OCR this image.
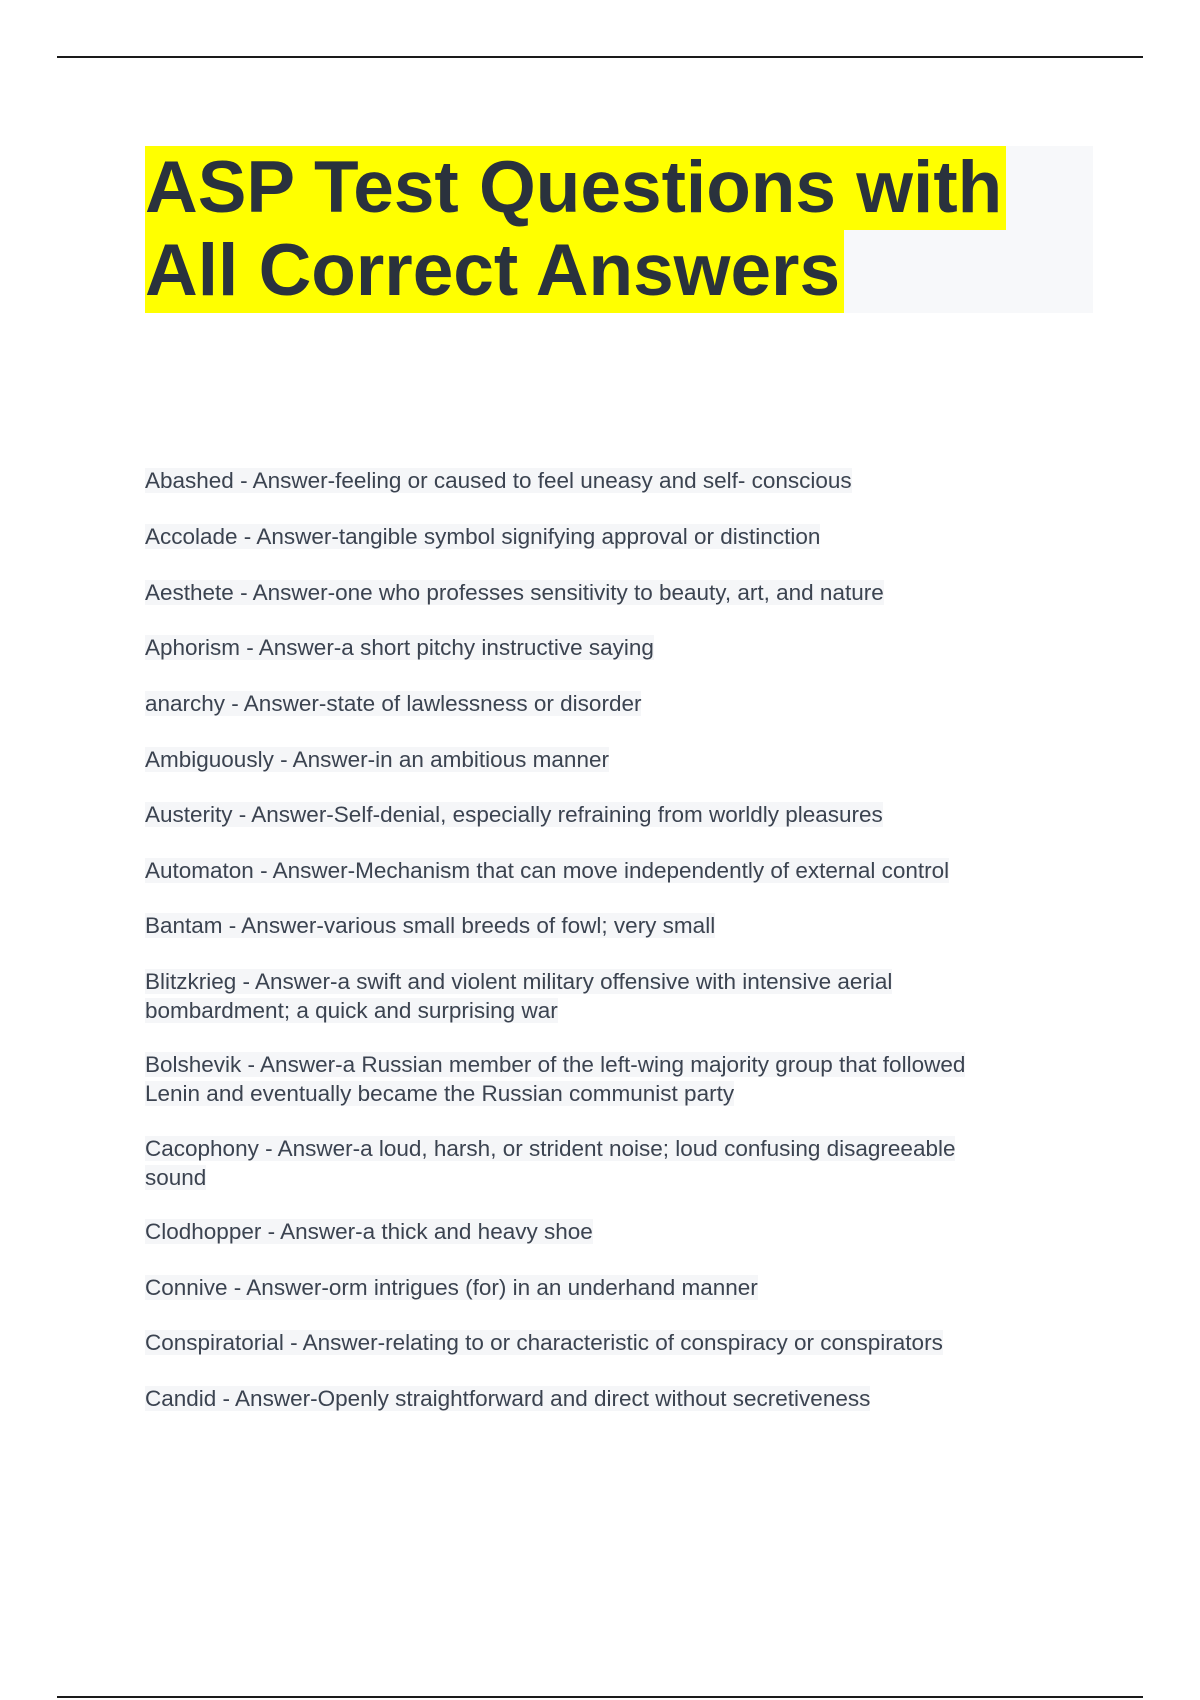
ASP Test Questions with
All Correct Answers
Abashed - Answer-feeling or caused to feel uneasy and self- conscious
Accolade - Answer-tangible symbol signifying approval or distinction
Aesthete - Answer-one who professes sensitivity to beauty, art, and nature
Aphorism - Answer-a short pitchy instructive saying
anarchy - Answer-state of lawlessness or disorder
Ambiguously - Answer-in an ambitious manner
Austerity - Answer-Self-denial, especially refraining from worldly pleasures
Automaton - Answer-Mechanism that can move independently of external control
Bantam - Answer-various small breeds of fowl; very small
Blitzkrieg - Answer-a swift and violent military offensive with intensive aerial
bombardment; a quick and surprising war
Bolshevik - Answer-a Russian member of the left-wing majority group that followed
Lenin and eventually became the Russian communist party
Cacophony - Answer-a loud, harsh, or strident noise; loud confusing disagreeable
sound
Clodhopper - Answer-a thick and heavy shoe
Connive - Answer-orm intrigues (for) in an underhand manner
Conspiratorial - Answer-relating to or characteristic of conspiracy or conspirators
Candid - Answer-Openly straightforward and direct without secretiveness
